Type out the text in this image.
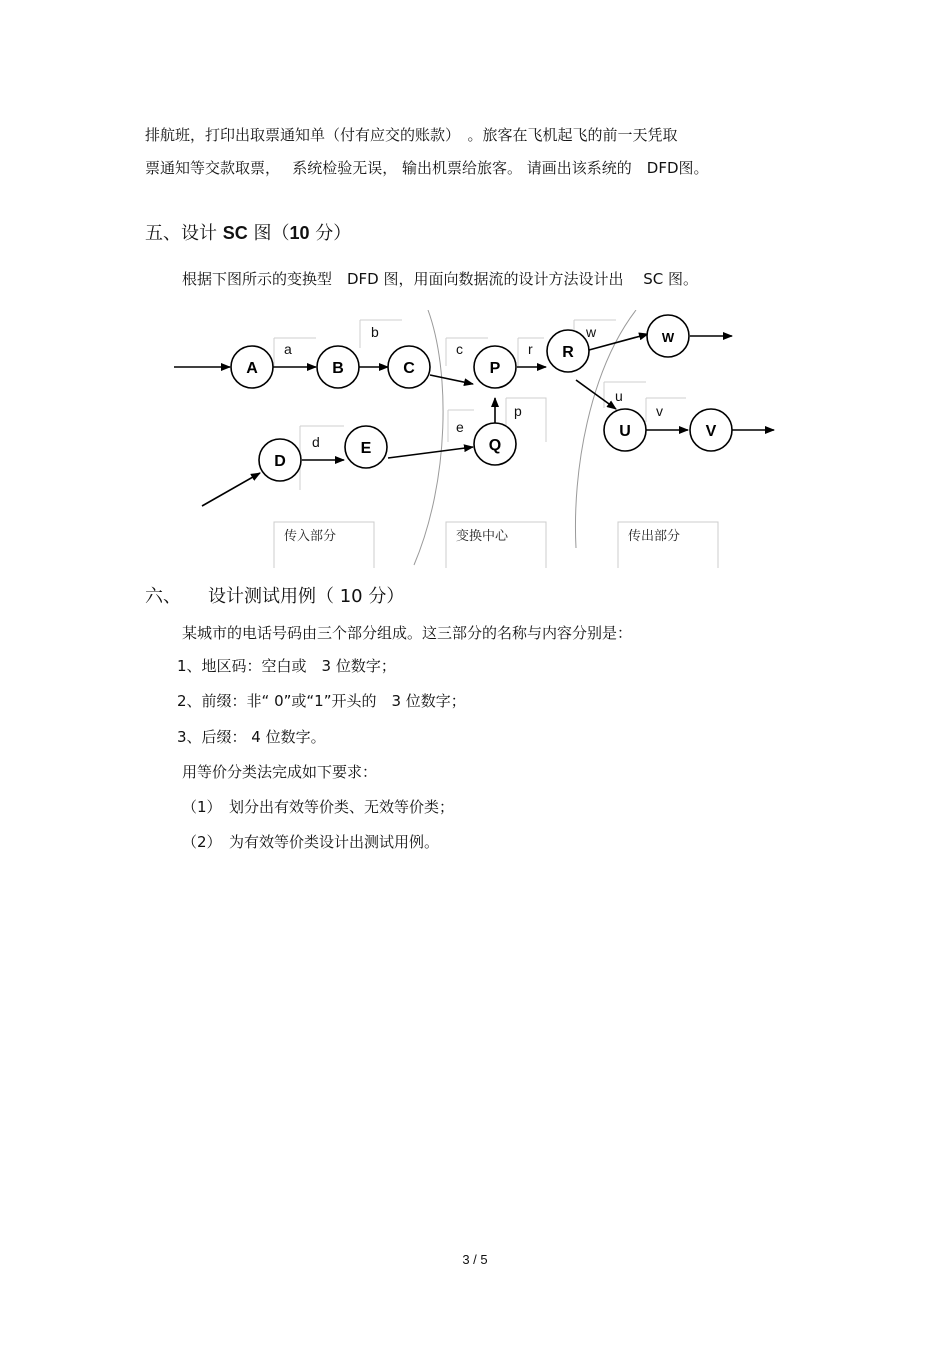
排航班，打印出取票通知单（付有应交的账款）　。旅客在飞机起飞的前一天凭取
票通知等交款取票，　 系统检验无误， 输出机票给旅客。 请画出该系统的　DFD图。
五、设计 SC 图（10 分）
根据下图所示的变换型　DFD 图，用面向数据流的设计方法设计出　 SC 图。
A	B	C	P
R
W
D
E	Q
U	V
a
b
c	r
w
u
v
p
e
d
传入部分	变换中心	传出部分
六、　　设计测试用例（ 10 分）
某城市的电话号码由三个部分组成。这三部分的名称与内容分别是：
1、地区码：空白或　3 位数字；
2、前缀：非“ 0”或“1”开头的　3 位数字；
3、后缀： 4 位数字。
用等价分类法完成如下要求：
（1）　划分出有效等价类、无效等价类；
（2）　为有效等价类设计出测试用例。
3 / 5
